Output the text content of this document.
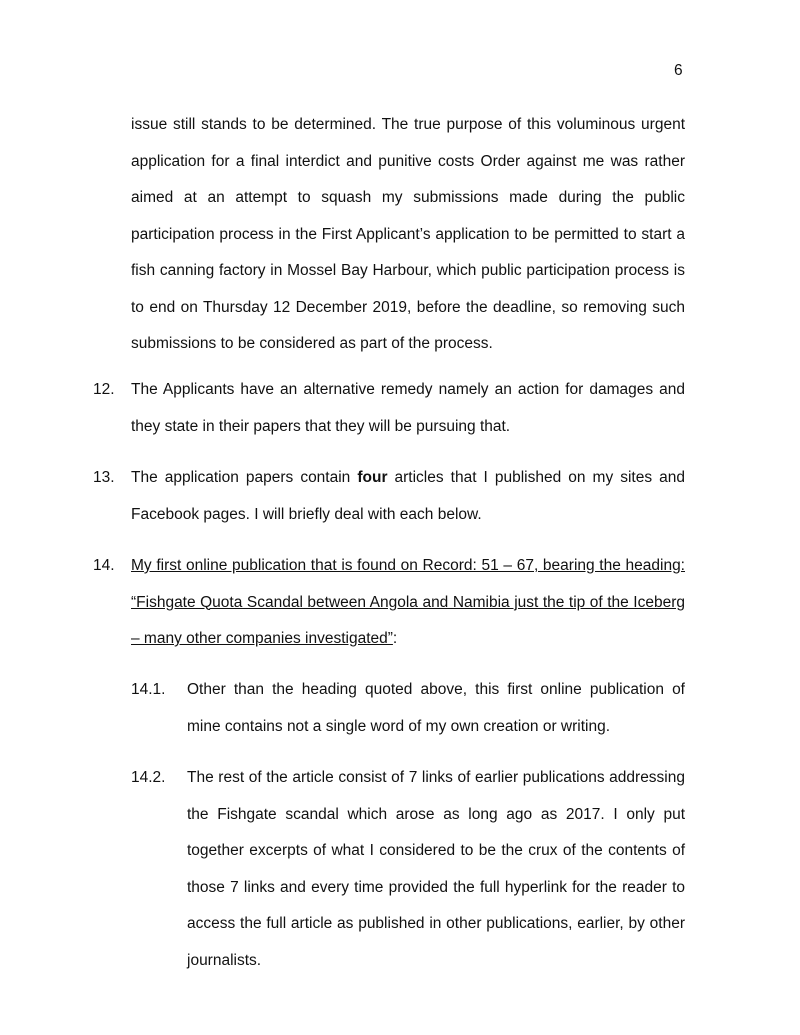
6

issue still stands to be determined. The true purpose of this voluminous urgent application for a final interdict and punitive costs Order against me was rather aimed at an attempt to squash my submissions made during the public participation process in the First Applicant’s application to be permitted to start a fish canning factory in Mossel Bay Harbour, which public participation process is to end on Thursday 12 December 2019, before the deadline, so removing such submissions to be considered as part of the process.

12. The Applicants have an alternative remedy namely an action for damages and they state in their papers that they will be pursuing that.

13. The application papers contain four articles that I published on my sites and Facebook pages. I will briefly deal with each below.

14. My first online publication that is found on Record: 51 – 67, bearing the heading: “Fishgate Quota Scandal between Angola and Namibia just the tip of the Iceberg – many other companies investigated”:

14.1. Other than the heading quoted above, this first online publication of mine contains not a single word of my own creation or writing.

14.2. The rest of the article consist of 7 links of earlier publications addressing the Fishgate scandal which arose as long ago as 2017. I only put together excerpts of what I considered to be the crux of the contents of those 7 links and every time provided the full hyperlink for the reader to access the full article as published in other publications, earlier, by other journalists.
